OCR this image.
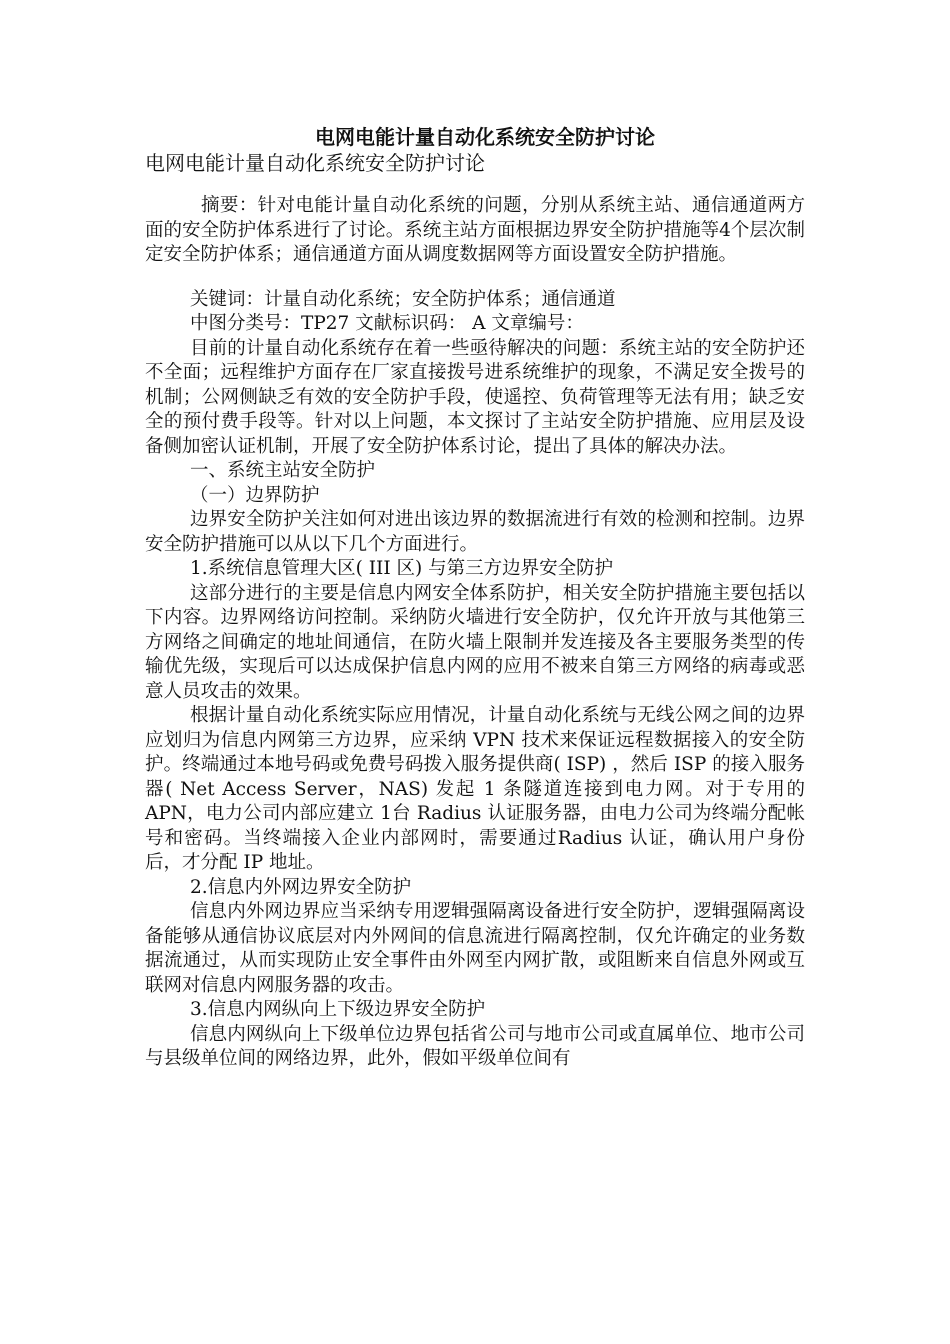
电网电能计量自动化系统安全防护讨论
电网电能计量自动化系统安全防护讨论

摘要：针对电能计量自动化系统的问题，分别从系统主站、通信通道两方面的安全防护体系进行了讨论。系统主站方面根据边界安全防护措施等4个层次制定安全防护体系；通信通道方面从调度数据网等方面设置安全防护措施。

关键词：计量自动化系统；安全防护体系；通信通道

中图分类号：TP27 文献标识码： A 文章编号：

目前的计量自动化系统存在着一些亟待解决的问题：系统主站的安全防护还不全面；远程维护方面存在厂家直接拨号进系统维护的现象，不满足安全拨号的机制；公网侧缺乏有效的安全防护手段，使遥控、负荷管理等无法有用；缺乏安全的预付费手段等。针对以上问题，本文探讨了主站安全防护措施、应用层及设备侧加密认证机制，开展了安全防护体系讨论，提出了具体的解决办法。

一、系统主站安全防护

（一）边界防护

边界安全防护关注如何对进出该边界的数据流进行有效的检测和控制。边界安全防护措施可以从以下几个方面进行。

1.系统信息管理大区( III 区) 与第三方边界安全防护

这部分进行的主要是信息内网安全体系防护，相关安全防护措施主要包括以下内容。边界网络访问控制。采纳防火墙进行安全防护，仅允许开放与其他第三方网络之间确定的地址间通信，在防火墙上限制并发连接及各主要服务类型的传输优先级，实现后可以达成保护信息内网的应用不被来自第三方网络的病毒或恶意人员攻击的效果。

根据计量自动化系统实际应用情况，计量自动化系统与无线公网之间的边界应划归为信息内网第三方边界，应采纳 VPN 技术来保证远程数据接入的安全防护。终端通过本地号码或免费号码拨入服务提供商( ISP) ，然后 ISP 的接入服务器( Net Access Server，NAS) 发起 1 条隧道连接到电力网。对于专用的 APN，电力公司内部应建立 1台 Radius 认证服务器，由电力公司为终端分配帐号和密码。当终端接入企业内部网时，需要通过Radius 认证，确认用户身份后，才分配 IP 地址。

2.信息内外网边界安全防护

信息内外网边界应当采纳专用逻辑强隔离设备进行安全防护，逻辑强隔离设备能够从通信协议底层对内外网间的信息流进行隔离控制，仅允许确定的业务数据流通过，从而实现防止安全事件由外网至内网扩散，或阻断来自信息外网或互联网对信息内网服务器的攻击。

3.信息内网纵向上下级边界安全防护

信息内网纵向上下级单位边界包括省公司与地市公司或直属单位、地市公司与县级单位间的网络边界，此外，假如平级单位间有
